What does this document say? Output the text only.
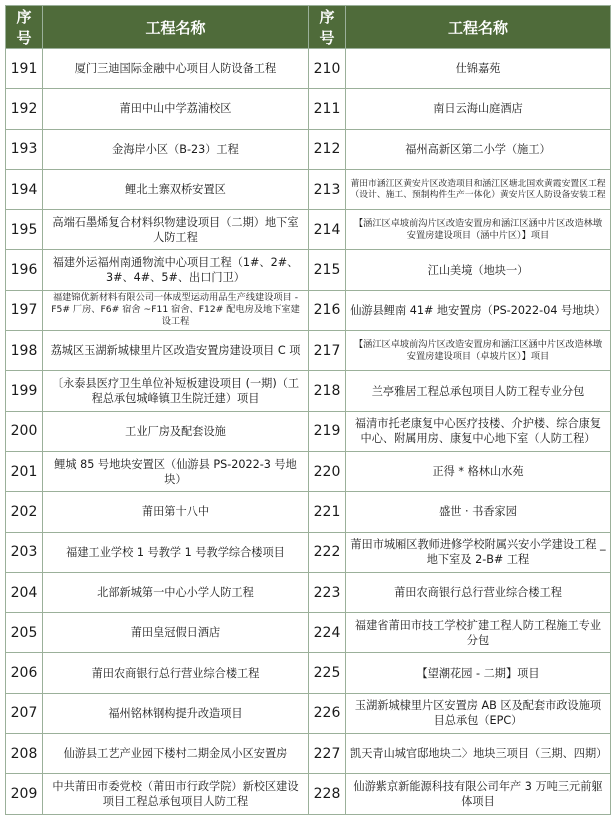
序号	工程名称	序号	工程名称
191	厦门三迪国际金融中心项目人防设备工程	210	仕锦嘉苑
192	莆田中山中学荔浦校区	211	南日云海山庭酒店
193	金海岸小区（B-23）工程	212	福州高新区第二小学（施工）
194	鲤北土寨双桥安置区	213	莆田市涵江区黄安片区改造项目和涵江区塘北国欢黄霞安置区工程（设计、施工、预制构件生产一体化）黄安片区人防设备安装工程
195	高端石墨烯复合材料织物建设项目（二期）地下室人防工程	214	【涵江区卓坡前沟片区改造安置房和涵江区涵中片区改造林墩安置房建设项目（涵中片区）】项目
196	福建外运福州南通物流中心项目工程（1#、2#、3#、4#、5#、出口门卫）	215	江山美境（地块一）
197	福建锦优新材料有限公司一体成型运动用品生产线建设项目 -F5# 厂房、F6# 宿舍 ~F11 宿舍、F12# 配电房及地下室建设工程	216	仙游县鲤南 41# 地安置房（PS-2022-04 号地块）
198	荔城区玉湖新城棣里片区改造安置房建设项目 C 项	217	【涵江区卓坡前沟片区改造安置房和涵江区涵中片区改造林墩安置房建设项目（卓坡片区）】项目
199	〔永泰县医疗卫生单位补短板建设项目 (一期)（工程总承包城峰镇卫生院迁建）项目	218	兰亭雅居工程总承包项目人防工程专业分包
200	工业厂房及配套设施	219	福清市托老康复中心医疗技楼、介护楼、综合康复中心、附属用房、康复中心地下室（人防工程）
201	鲤城 85 号地块安置区（仙游县 PS-2022-3 号地块）	220	正得 * 格林山水苑
202	莆田第十八中	221	盛世 · 书香家园
203	福建工业学校 1 号教学 1 号教学综合楼项目	222	莆田市城厢区教师进修学校附属兴安小学建设工程 _ 地下室及 2-B# 工程
204	北部新城第一中心小学人防工程	223	莆田农商银行总行营业综合楼工程
205	莆田皇冠假日酒店	224	福建省莆田市技工学校扩建工程人防工程施工专业分包
206	莆田农商银行总行营业综合楼工程	225	【望潮花园 - 二期】项目
207	福州铭林钢构提升改造项目	226	玉湖新城棣里片区安置房 AB 区及配套市政设施项目总承包（EPC）
208	仙游县工艺产业园下楼村二期金凤小区安置房	227	凯天青山城官邸地块二〉地块三项目（三期、四期）
209	中共莆田市委党校（莆田市行政学院）新校区建设项目工程总承包项目人防工程	228	仙游紫京新能源科技有限公司年产 3 万吨三元前躯体项目
